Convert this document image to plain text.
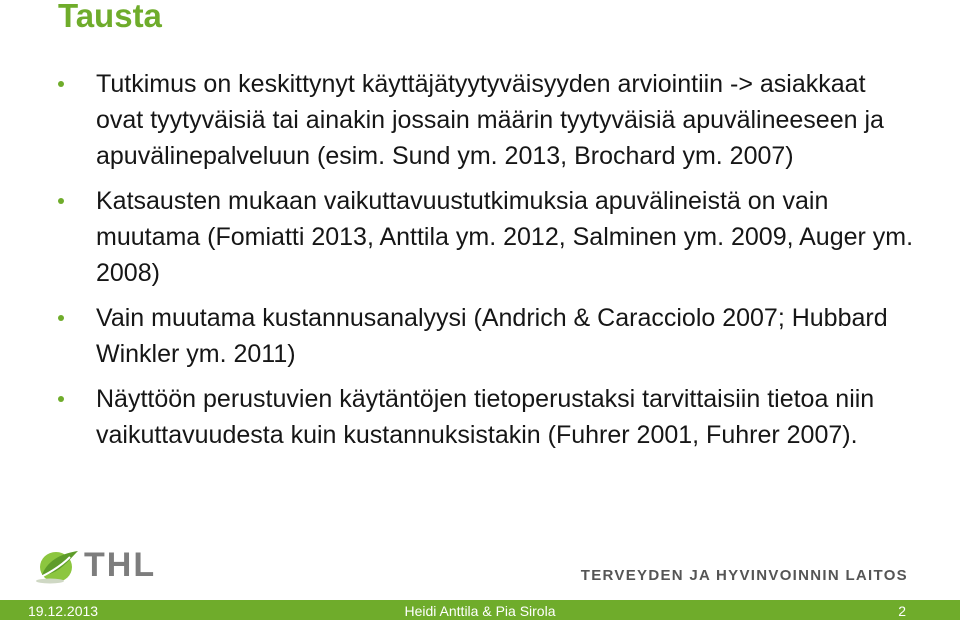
Tausta
Tutkimus on keskittynyt käyttäjätyytyväisyyden arviointiin -> asiakkaat ovat tyytyväisiä tai ainakin jossain määrin tyytyväisiä apuvälineeseen ja apuvälinepalveluun (esim. Sund ym. 2013, Brochard ym. 2007)
Katsausten mukaan vaikuttavuustutkimuksia apuvälineistä on vain muutama (Fomiatti 2013, Anttila ym. 2012, Salminen ym. 2009, Auger ym. 2008)
Vain muutama kustannusanalyysi (Andrich & Caracciolo 2007; Hubbard Winkler ym. 2011)
Näyttöön perustuvien käytäntöjen tietoperustaksi tarvittaisiin tietoa niin vaikuttavuudesta kuin kustannuksistakin (Fuhrer 2001, Fuhrer 2007).
THL	TERVEYDEN JA HYVINVOINNIN LAITOS
Heidi Anttila & Pia Sirola
19.12.2013	2
